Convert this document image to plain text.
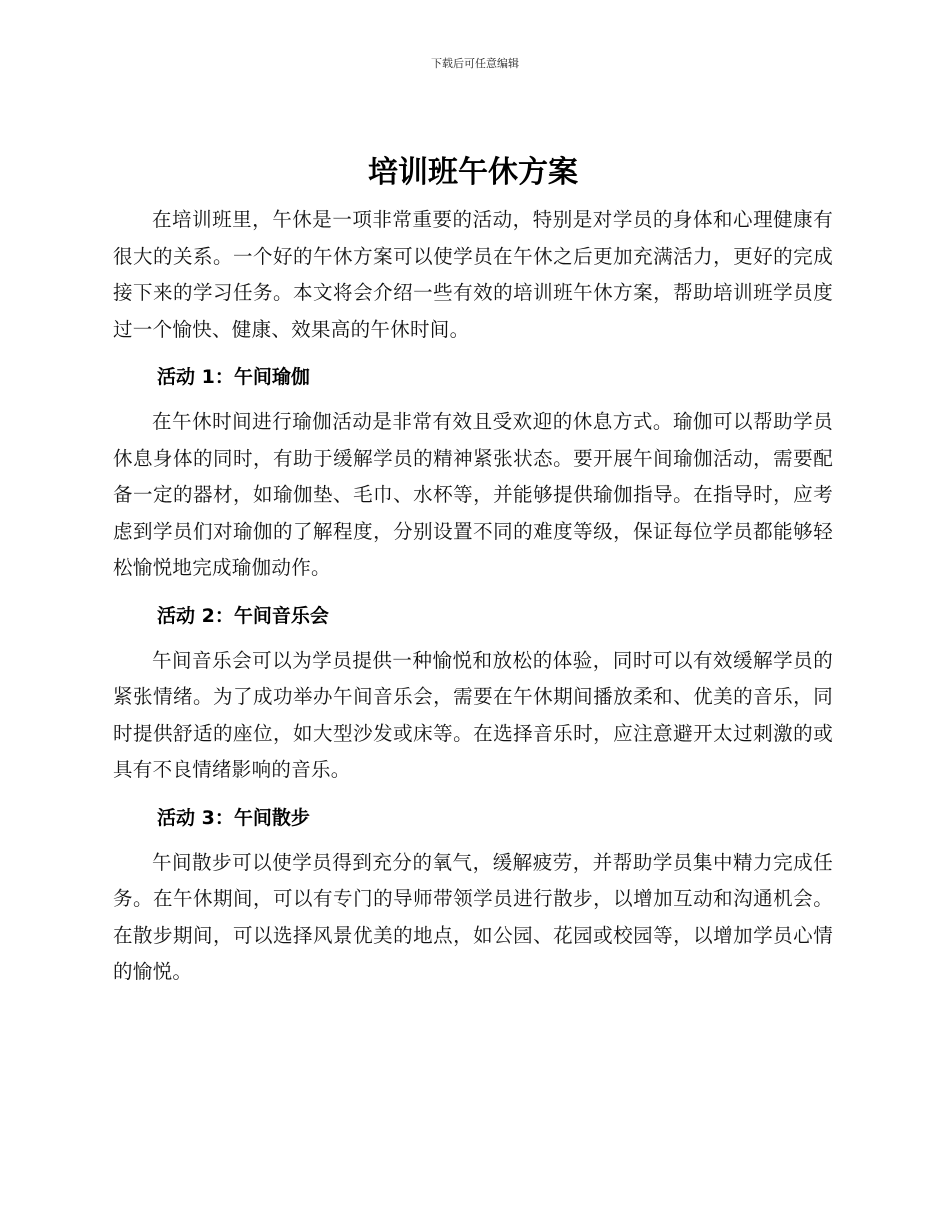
下载后可任意编辑
培训班午休方案

在培训班里，午休是一项非常重要的活动，特别是对学员的身体和心理健康有很大的关系。一个好的午休方案可以使学员在午休之后更加充满活力，更好的完成接下来的学习任务。本文将会介绍一些有效的培训班午休方案，帮助培训班学员度过一个愉快、健康、效果高的午休时间。

活动 1：午间瑜伽

在午休时间进行瑜伽活动是非常有效且受欢迎的休息方式。瑜伽可以帮助学员休息身体的同时，有助于缓解学员的精神紧张状态。要开展午间瑜伽活动，需要配备一定的器材，如瑜伽垫、毛巾、水杯等，并能够提供瑜伽指导。在指导时，应考虑到学员们对瑜伽的了解程度，分别设置不同的难度等级，保证每位学员都能够轻松愉悦地完成瑜伽动作。

活动 2：午间音乐会

午间音乐会可以为学员提供一种愉悦和放松的体验，同时可以有效缓解学员的紧张情绪。为了成功举办午间音乐会，需要在午休期间播放柔和、优美的音乐，同时提供舒适的座位，如大型沙发或床等。在选择音乐时，应注意避开太过刺激的或具有不良情绪影响的音乐。

活动 3：午间散步

午间散步可以使学员得到充分的氧气，缓解疲劳，并帮助学员集中精力完成任务。在午休期间，可以有专门的导师带领学员进行散步，以增加互动和沟通机会。在散步期间，可以选择风景优美的地点，如公园、花园或校园等，以增加学员心情的愉悦。
